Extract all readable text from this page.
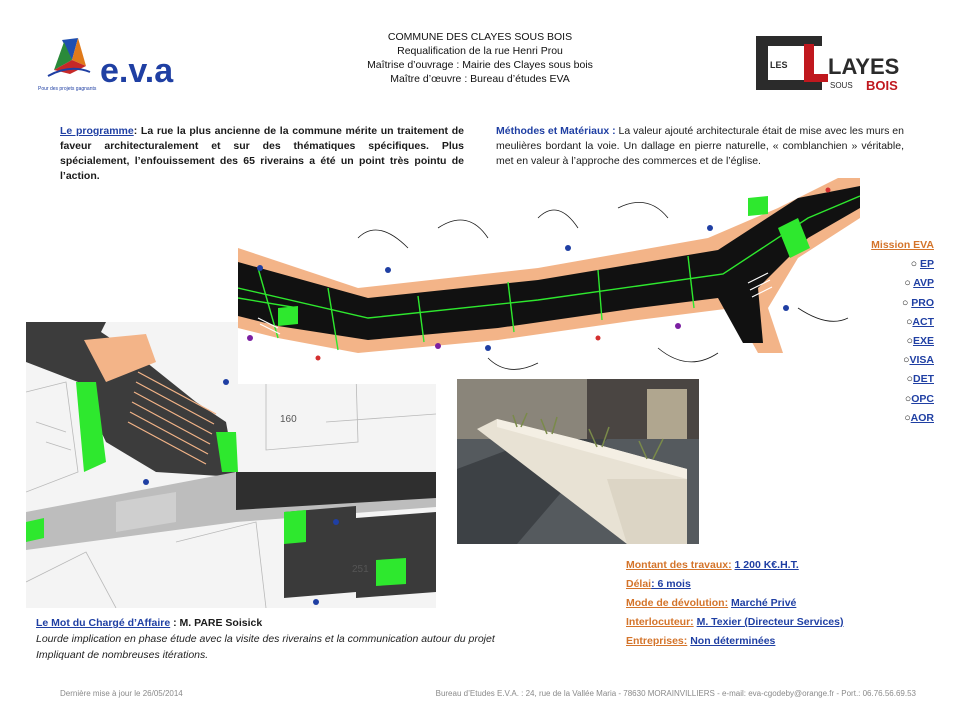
e.v.a
Pour des projets gagnants
COMMUNE DES CLAYES SOUS BOIS
Requalification de la rue Henri Prou
Maîtrise d’ouvrage : Mairie des Clayes sous bois
Maître d’œuvre : Bureau d’études EVA
LES LAYES
SOUS BOIS
Le programme: La rue la plus ancienne de la commune mérite un traitement de faveur architecturalement et sur des thématiques spécifiques. Plus spécialement, l’enfouissement des 65 riverains a été un point très pointu de l’action.
Méthodes et Matériaux : La valeur ajouté architecturale était de mise avec les murs en meulières bordant la voie. Un dallage en pierre naturelle, « comblanchien » véritable, met en valeur à l’approche des commerces et de l’église.
160
251
Mission EVA
○ EP
○ AVP
○ PRO
○ACT
○EXE
○VISA
○DET
○OPC
○AOR
Montant des travaux: 1 200 K€.H.T.
Délai: 6 mois
Mode de dévolution: Marché Privé
Interlocuteur: M. Texier (Directeur Services)
Entreprises: Non déterminées
Le Mot du Chargé d’Affaire : M. PARE Soisick
Lourde implication en phase étude avec la visite des riverains et la communication autour du projet
Impliquant de nombreuses itérations.
Dernière mise à jour le 26/05/2014	Bureau d’Etudes E.V.A. : 24, rue de la Vallée Maria - 78630 MORAINVILLIERS - e-mail: eva-cgodeby@orange.fr - Port.: 06.76.56.69.53
